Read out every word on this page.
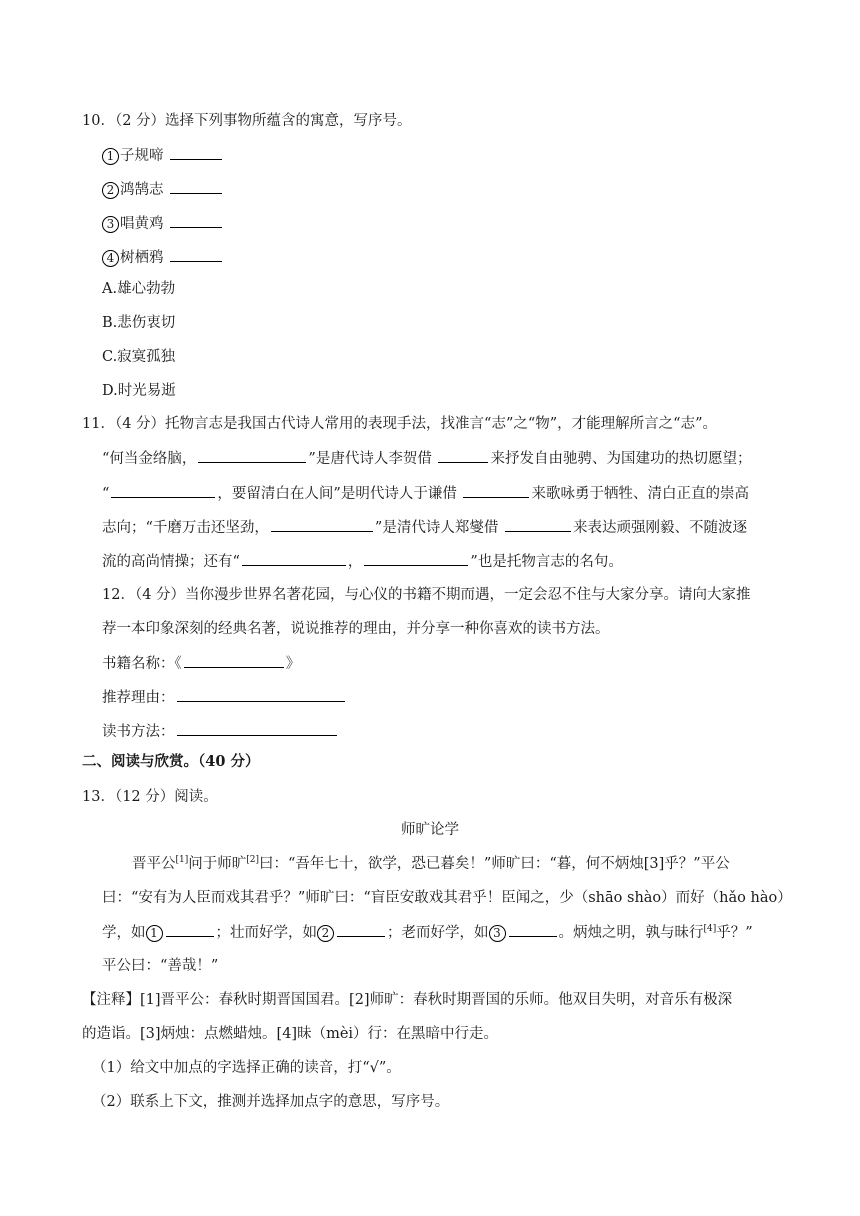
10．（2 分）选择下列事物所蕴含的寓意，写序号。
1 子规啼
2 鸿鹄志
3 唱黄鸡
4 树栖鸦
A.雄心勃勃
B.悲伤衷切
C.寂寞孤独
D.时光易逝
11．（4 分）托物言志是我国古代诗人常用的表现手法，找准言“志”之“物”，才能理解所言之“志”。
“何当金络脑，	”是唐代诗人李贺借	来抒发自由驰骋、为国建功的热切愿望；
“	，要留清白在人间”是明代诗人于谦借	来歌咏勇于牺牲、清白正直的崇高
志向；“千磨万击还坚劲，	”是清代诗人郑燮借	来表达顽强刚毅、不随波逐
流的高尚情操；还有“	，	”也是托物言志的名句。
12．（4 分）当你漫步世界名著花园，与心仪的书籍不期而遇，一定会忍不住与大家分享。请向大家推
荐一本印象深刻的经典名著，说说推荐的理由，并分享一种你喜欢的读书方法。
书籍名称：《	》
推荐理由：
读书方法：
二、阅读与欣赏。（40 分）
13．（12 分）阅读。
师旷论学
晋平公[1]问于师旷[2]曰：“吾年七十，欲学，恐已暮矣！”师旷曰：“暮，何不炳烛[3]乎？”平公
曰：“安有为人臣而戏其君乎？”师旷曰：“盲臣安敢戏其君乎！臣闻之，少（shāo shào）而好（hǎo hào）
学，如 1	；壮而好学，如 2	；老而好学，如 3	。炳烛之明，孰与昧行[4]乎？”
平公曰：“善哉！”
【注释】[1]晋平公：春秋时期晋国国君。[2]师旷：春秋时期晋国的乐师。他双目失明，对音乐有极深
的造诣。[3]炳烛：点燃蜡烛。[4]昧（mèi）行：在黑暗中行走。
（1）给文中加点的字选择正确的读音，打“√”。
（2）联系上下文，推测并选择加点字的意思，写序号。
